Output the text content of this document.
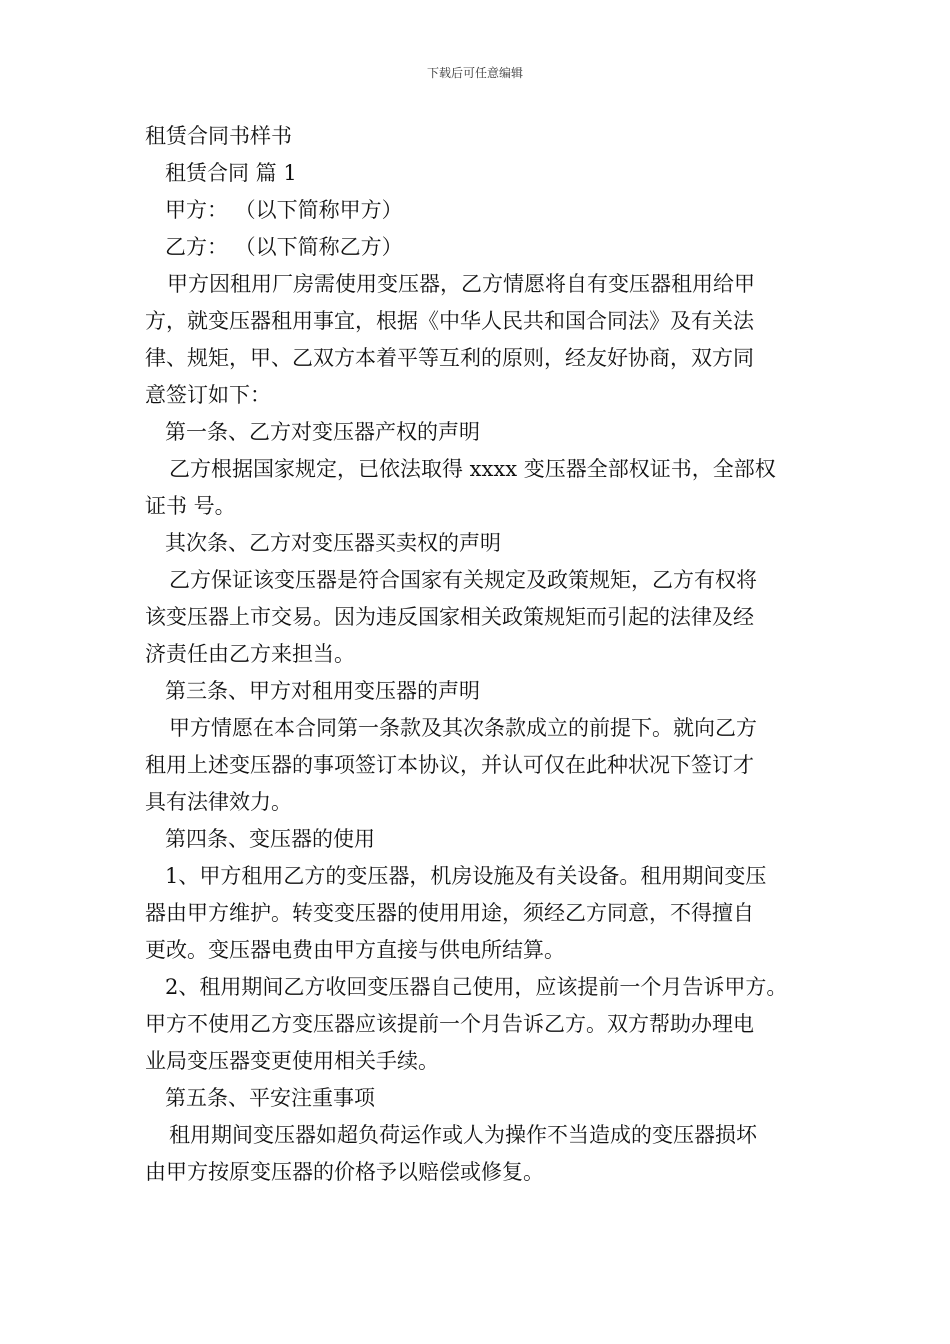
下载后可任意编辑
租赁合同书样书
租赁合同 篇 1
甲方： （以下简称甲方）
乙方： （以下简称乙方）
甲方因租用厂房需使用变压器，乙方情愿将自有变压器租用给甲
方，就变压器租用事宜，根据《中华人民共和国合同法》及有关法
律、规矩，甲、乙双方本着平等互利的原则，经友好协商，双方同
意签订如下：
第一条、乙方对变压器产权的声明
乙方根据国家规定，已依法取得 xxxx 变压器全部权证书，全部权
证书 号。
其次条、乙方对变压器买卖权的声明
乙方保证该变压器是符合国家有关规定及政策规矩，乙方有权将
该变压器上市交易。因为违反国家相关政策规矩而引起的法律及经
济责任由乙方来担当。
第三条、甲方对租用变压器的声明
甲方情愿在本合同第一条款及其次条款成立的前提下。就向乙方
租用上述变压器的事项签订本协议，并认可仅在此种状况下签订才
具有法律效力。
第四条、变压器的使用
1、甲方租用乙方的变压器，机房设施及有关设备。租用期间变压
器由甲方维护。转变变压器的使用用途，须经乙方同意，不得擅自
更改。变压器电费由甲方直接与供电所结算。
2、租用期间乙方收回变压器自己使用，应该提前一个月告诉甲方。
甲方不使用乙方变压器应该提前一个月告诉乙方。双方帮助办理电
业局变压器变更使用相关手续。
第五条、平安注重事项
租用期间变压器如超负荷运作或人为操作不当造成的变压器损坏
由甲方按原变压器的价格予以赔偿或修复。
